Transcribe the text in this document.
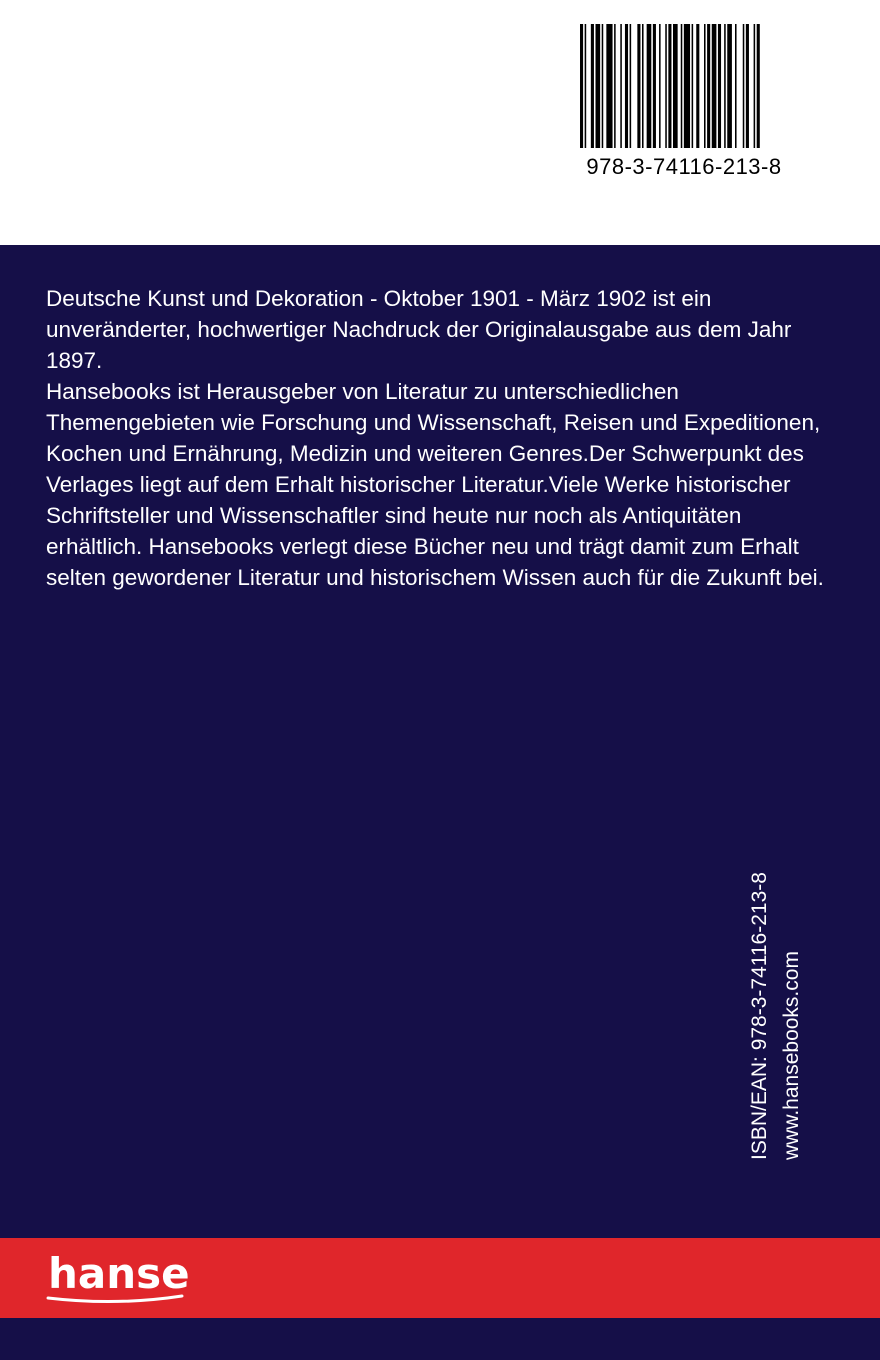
978-3-74116-213-8

Deutsche Kunst und Dekoration - Oktober 1901 - März 1902 ist ein unveränderter, hochwertiger Nachdruck der Originalausgabe aus dem Jahr 1897.

Hansebooks ist Herausgeber von Literatur zu unterschiedlichen Themengebieten wie Forschung und Wissenschaft, Reisen und Expeditionen, Kochen und Ernährung, Medizin und weiteren Genres.Der Schwerpunkt des Verlages liegt auf dem Erhalt historischer Literatur.Viele Werke historischer Schriftsteller und Wissenschaftler sind heute nur noch als Antiquitäten erhältlich. Hansebooks verlegt diese Bücher neu und trägt damit zum Erhalt selten gewordener Literatur und historischem Wissen auch für die Zukunft bei.

ISBN/EAN: 978-3-74116-213-8 www.hansebooks.com
hanse
